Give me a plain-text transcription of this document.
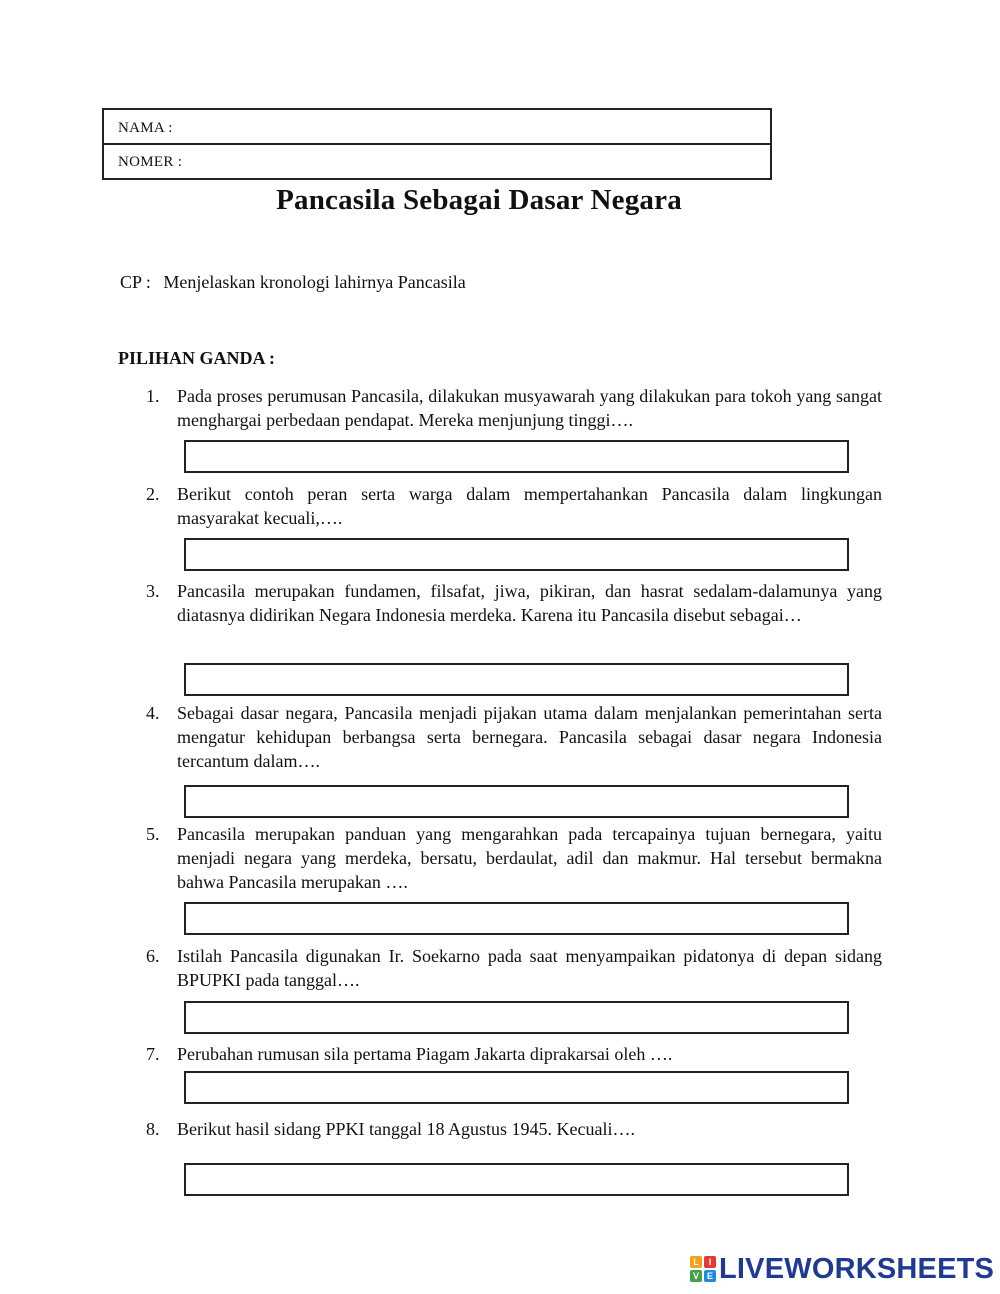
NAMA :
NOMER :
Pancasila Sebagai Dasar Negara
CP : Menjelaskan kronologi lahirnya Pancasila
PILIHAN GANDA :
1. Pada proses perumusan Pancasila, dilakukan musyawarah yang dilakukan para tokoh yang sangat menghargai perbedaan pendapat. Mereka menjunjung tinggi….
2. Berikut contoh peran serta warga dalam mempertahankan Pancasila dalam lingkungan masyarakat kecuali,….
3. Pancasila merupakan fundamen, filsafat, jiwa, pikiran, dan hasrat sedalam-dalamunya yang diatasnya didirikan Negara Indonesia merdeka. Karena itu Pancasila disebut sebagai…
4. Sebagai dasar negara, Pancasila menjadi pijakan utama dalam menjalankan pemerintahan serta mengatur kehidupan berbangsa serta bernegara. Pancasila sebagai dasar negara Indonesia tercantum dalam….
5. Pancasila merupakan panduan yang mengarahkan pada tercapainya tujuan bernegara, yaitu menjadi negara yang merdeka, bersatu, berdaulat, adil dan makmur. Hal tersebut bermakna bahwa Pancasila merupakan ….
6. Istilah Pancasila digunakan Ir. Soekarno pada saat menyampaikan pidatonya di depan sidang BPUPKI pada tanggal….
7. Perubahan rumusan sila pertama Piagam Jakarta diprakarsai oleh ….
8. Berikut hasil sidang PPKI tanggal 18 Agustus 1945. Kecuali….
L	I
V E LIVEWORKSHEETS
